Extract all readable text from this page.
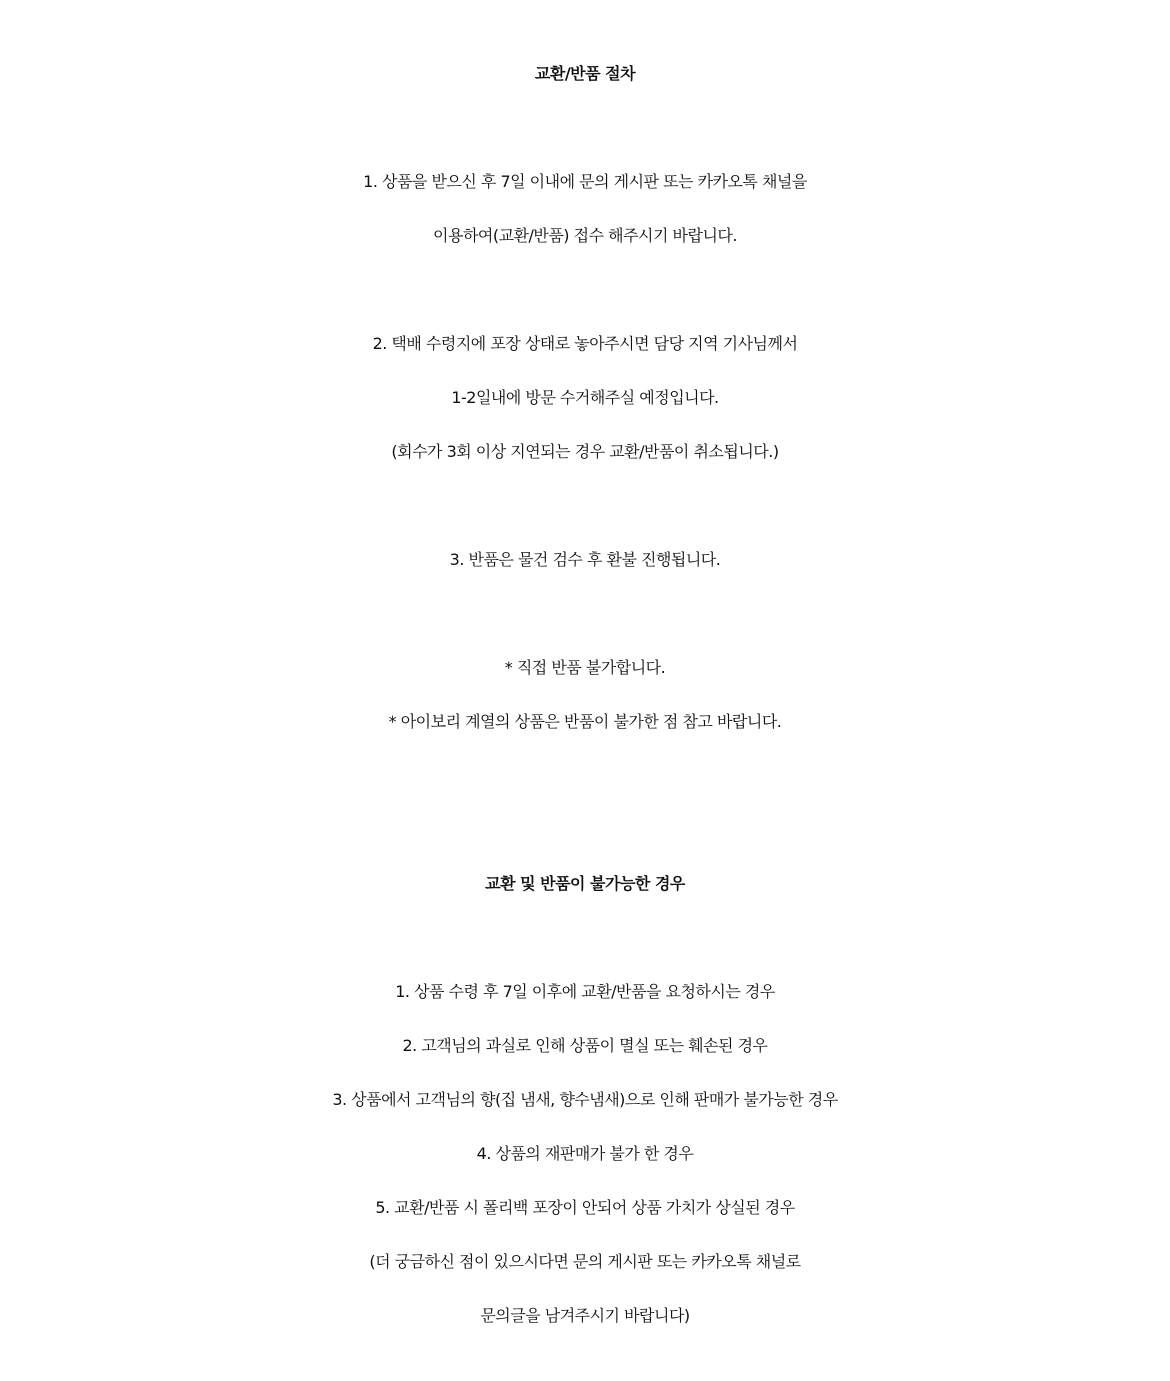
교환/반품 절차
1. 상품을 받으신 후 7일 이내에 문의 게시판 또는 카카오톡 채널을
이용하여(교환/반품) 접수 해주시기 바랍니다.
2. 택배 수령지에 포장 상태로 놓아주시면 담당 지역 기사님께서
1-2일내에 방문 수거해주실 예정입니다.
(회수가 3회 이상 지연되는 경우 교환/반품이 취소됩니다.)
3. 반품은 물건 검수 후 환불 진행됩니다.
* 직접 반품 불가합니다.
* 아이보리 계열의 상품은 반품이 불가한 점 참고 바랍니다.
교환 및 반품이 불가능한 경우
1. 상품 수령 후 7일 이후에 교환/반품을 요청하시는 경우
2. 고객님의 과실로 인해 상품이 멸실 또는 훼손된 경우
3. 상품에서 고객님의 향(집 냄새, 향수냄새)으로 인해 판매가 불가능한 경우
4. 상품의 재판매가 불가 한 경우
5. 교환/반품 시 폴리백 포장이 안되어 상품 가치가 상실된 경우
(더 궁금하신 점이 있으시다면 문의 게시판 또는 카카오톡 채널로
문의글을 남겨주시기 바랍니다)
